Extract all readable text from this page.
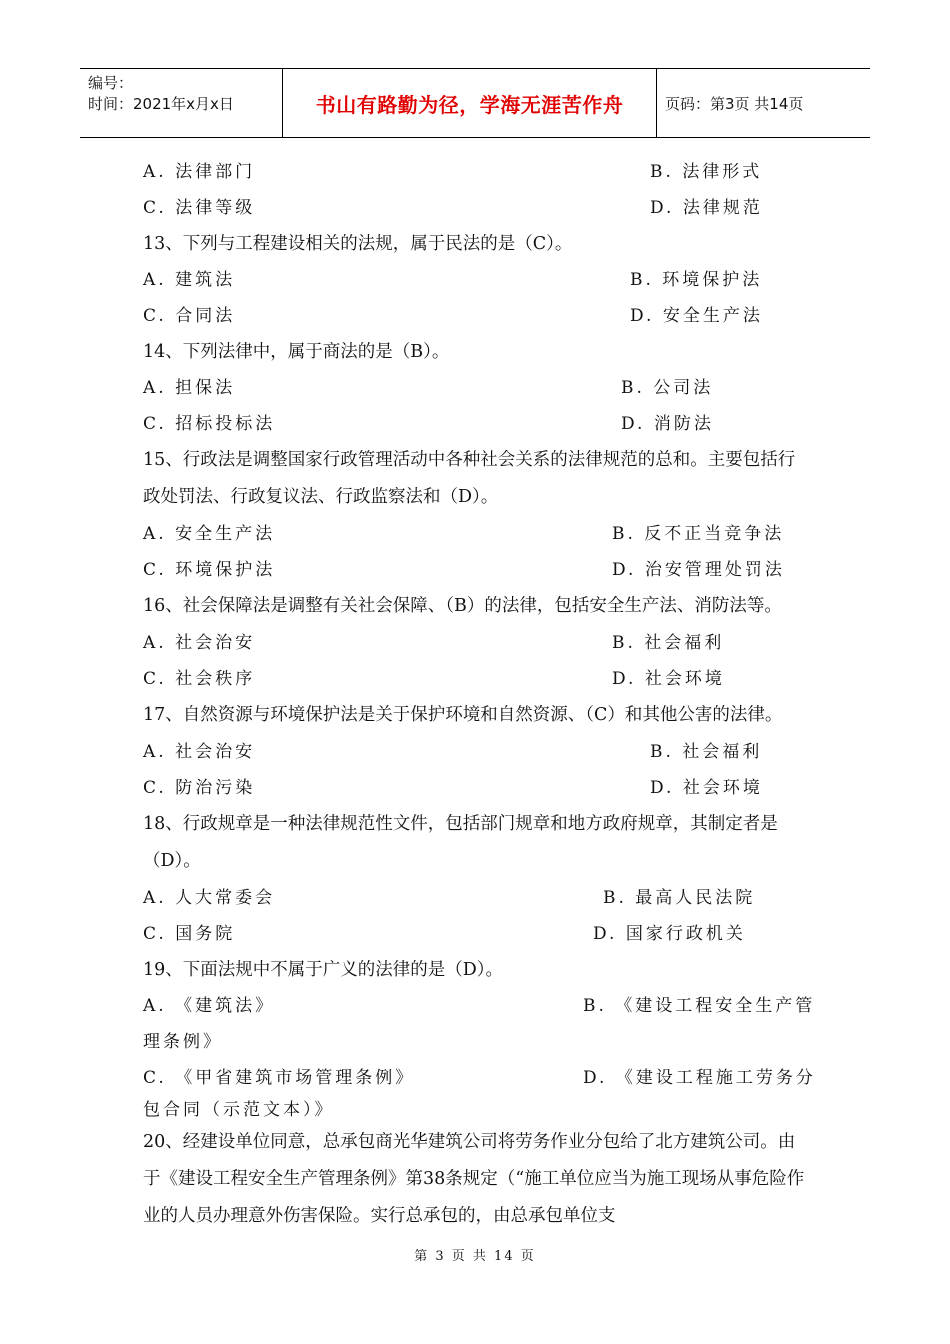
编号：
时间：2021年x月x日	书山有路勤为径，学海无涯苦作舟	页码：第3页 共14页
A. 法律部门	B. 法律形式
C. 法律等级	D. 法律规范

13、下列与工程建设相关的法规，属于民法的是（C）。

A. 建筑法	B. 环境保护法
C. 合同法	D. 安全生产法

14、下列法律中，属于商法的是（B）。

A. 担保法	B. 公司法
C. 招标投标法	D. 消防法

15、行政法是调整国家行政管理活动中各种社会关系的法律规范的总和。主要包括行政处罚法、行政复议法、行政监察法和（D）。

A. 安全生产法	B. 反不正当竞争法
C. 环境保护法	D. 治安管理处罚法

16、社会保障法是调整有关社会保障、（B）的法律，包括安全生产法、消防法等。

A. 社会治安	B. 社会福利
C. 社会秩序	D. 社会环境

17、自然资源与环境保护法是关于保护环境和自然资源、（C）和其他公害的法律。

A. 社会治安	B. 社会福利
C. 防治污染	D. 社会环境

18、行政规章是一种法律规范性文件，包括部门规章和地方政府规章，其制定者是（D）。

A. 人大常委会	B. 最高人民法院
C. 国务院	D. 国家行政机关

19、下面法规中不属于广义的法律的是（D）。

A. 《建筑法》	B. 《建设工程安全生产管
理条例》
C. 《甲省建筑市场管理条例》	D. 《建设工程施工劳务分
包合同（示范文本）》

20、经建设单位同意，总承包商光华建筑公司将劳务作业分包给了北方建筑公司。由于《建设工程安全生产管理条例》第38条规定（“施工单位应当为施工现场从事危险作业的人员办理意外伤害保险。实行总承包的，由总承包单位支

第 3 页 共 14 页
